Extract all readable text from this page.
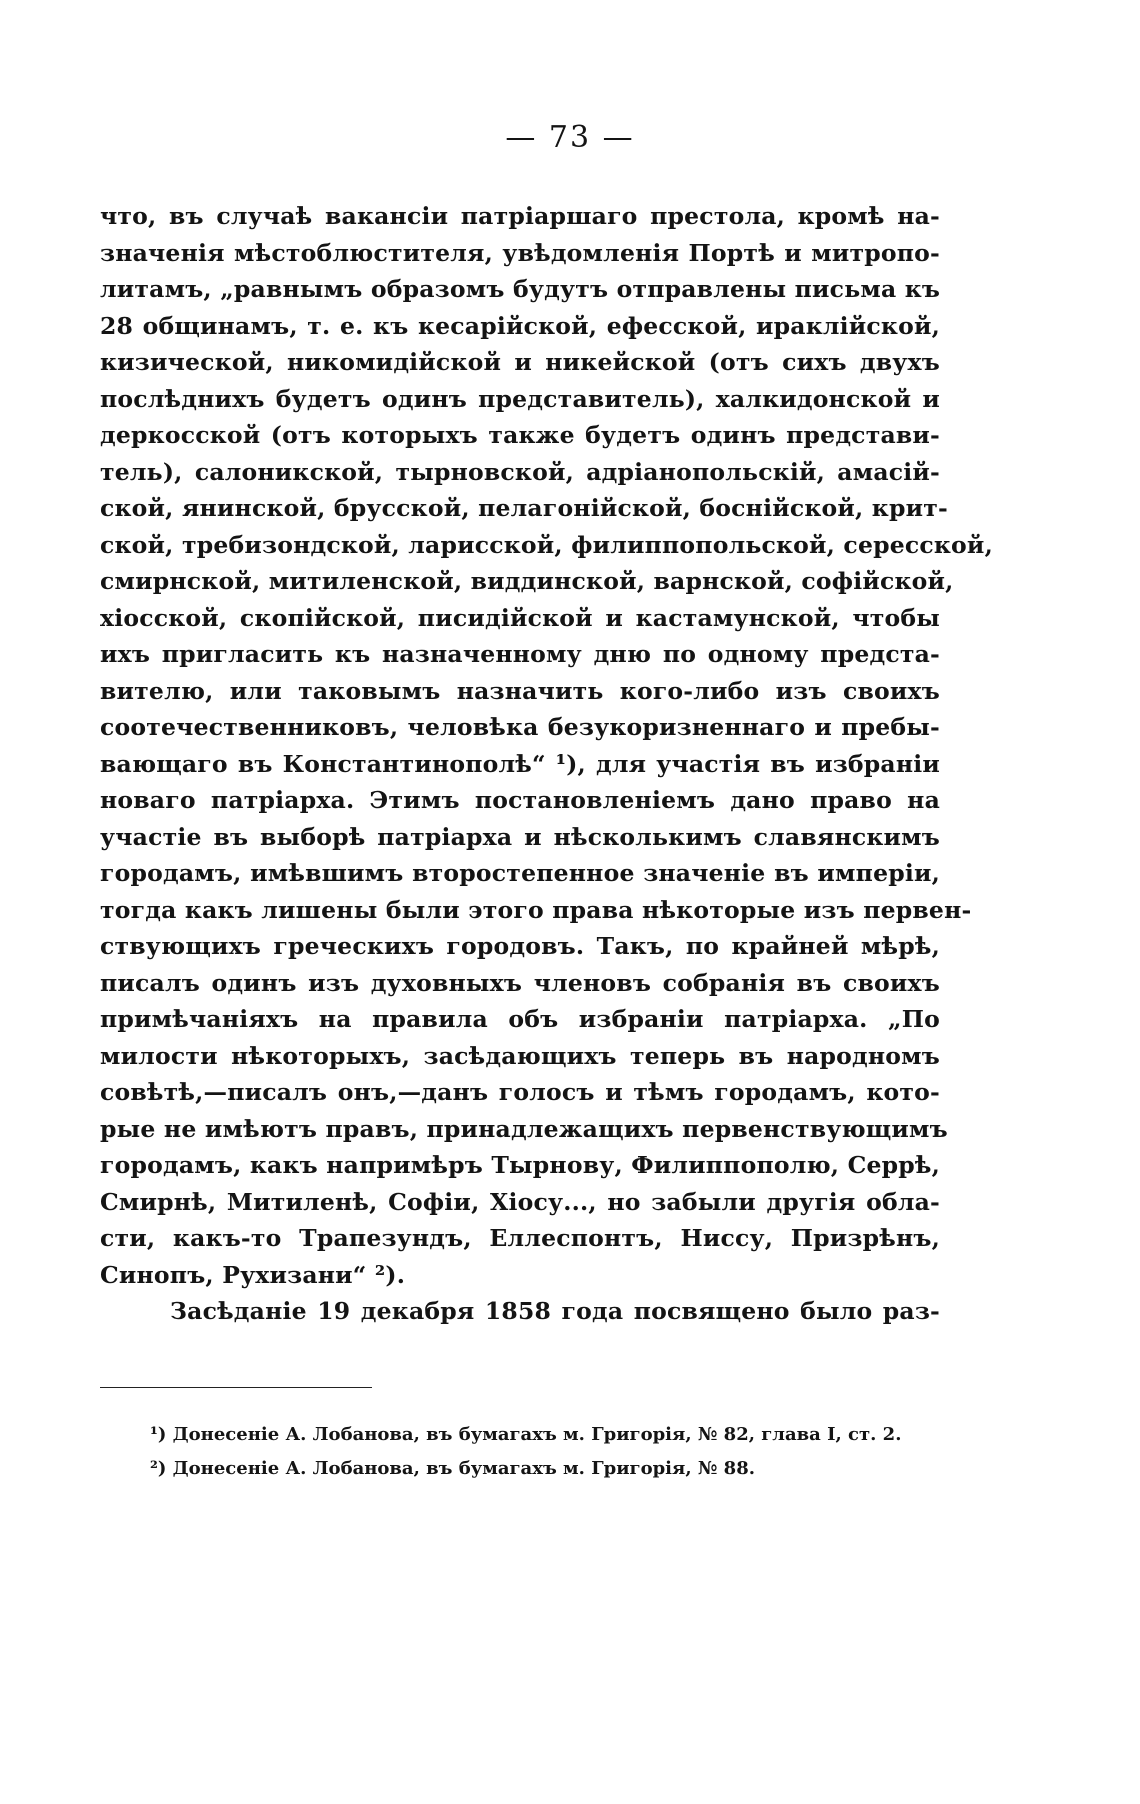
— 73 —
что, въ случаѣ вакансіи патріаршаго престола, кромѣ на-
значенія мѣстоблюстителя, увѣдомленія Портѣ и митропо-
литамъ, „равнымъ образомъ будутъ отправлены письма къ
28 общинамъ, т. е. къ кесарійской, ефесской, ираклійской,
кизической, никомидійской и никейской (отъ сихъ двухъ
послѣднихъ будетъ одинъ представитель), халкидонской и
деркосской (отъ которыхъ также будетъ одинъ представи-
тель), салоникской, тырновской, адріанопольскій, амасій-
ской, янинской, брусской, пелагонійской, боснійской, крит-
ской, требизондской, ларисской, филиппопольской, сересской,
смирнской, митиленской, виддинской, варнской, софійской,
хіосской, скопійской, писидійской и кастамунской, чтобы
ихъ пригласить къ назначенному дню по одному предста-
вителю, или таковымъ назначить кого-либо изъ своихъ
соотечественниковъ, человѣка безукоризненнаго и пребы-
вающаго въ Константинополѣ“ ¹), для участія въ избраніи
новаго патріарха. Этимъ постановленіемъ дано право на
участіе въ выборѣ патріарха и нѣсколькимъ славянскимъ
городамъ, имѣвшимъ второстепенное значеніе въ имперіи,
тогда какъ лишены были этого права нѣкоторые изъ первен-
ствующихъ греческихъ городовъ. Такъ, по крайней мѣрѣ,
писалъ одинъ изъ духовныхъ членовъ собранія въ своихъ
примѣчаніяхъ на правила объ избраніи патріарха. „По
милости нѣкоторыхъ, засѣдающихъ теперь въ народномъ
совѣтѣ,—писалъ онъ,—данъ голосъ и тѣмъ городамъ, кото-
рые не имѣютъ правъ, принадлежащихъ первенствующимъ
городамъ, какъ напримѣръ Тырнову, Филиппополю, Серрѣ,
Смирнѣ, Митиленѣ, Софіи, Хіосу..., но забыли другія обла-
сти, какъ-то Трапезундъ, Еллеспонтъ, Ниссу, Призрѣнъ,
Синопъ, Рухизани“ ²).
Засѣданіе 19 декабря 1858 года посвящено было раз-
¹) Донесеніе А. Лобанова, въ бумагахъ м. Григорія, № 82, глава I, ст. 2.
²) Донесеніе А. Лобанова, въ бумагахъ м. Григорія, № 88.
